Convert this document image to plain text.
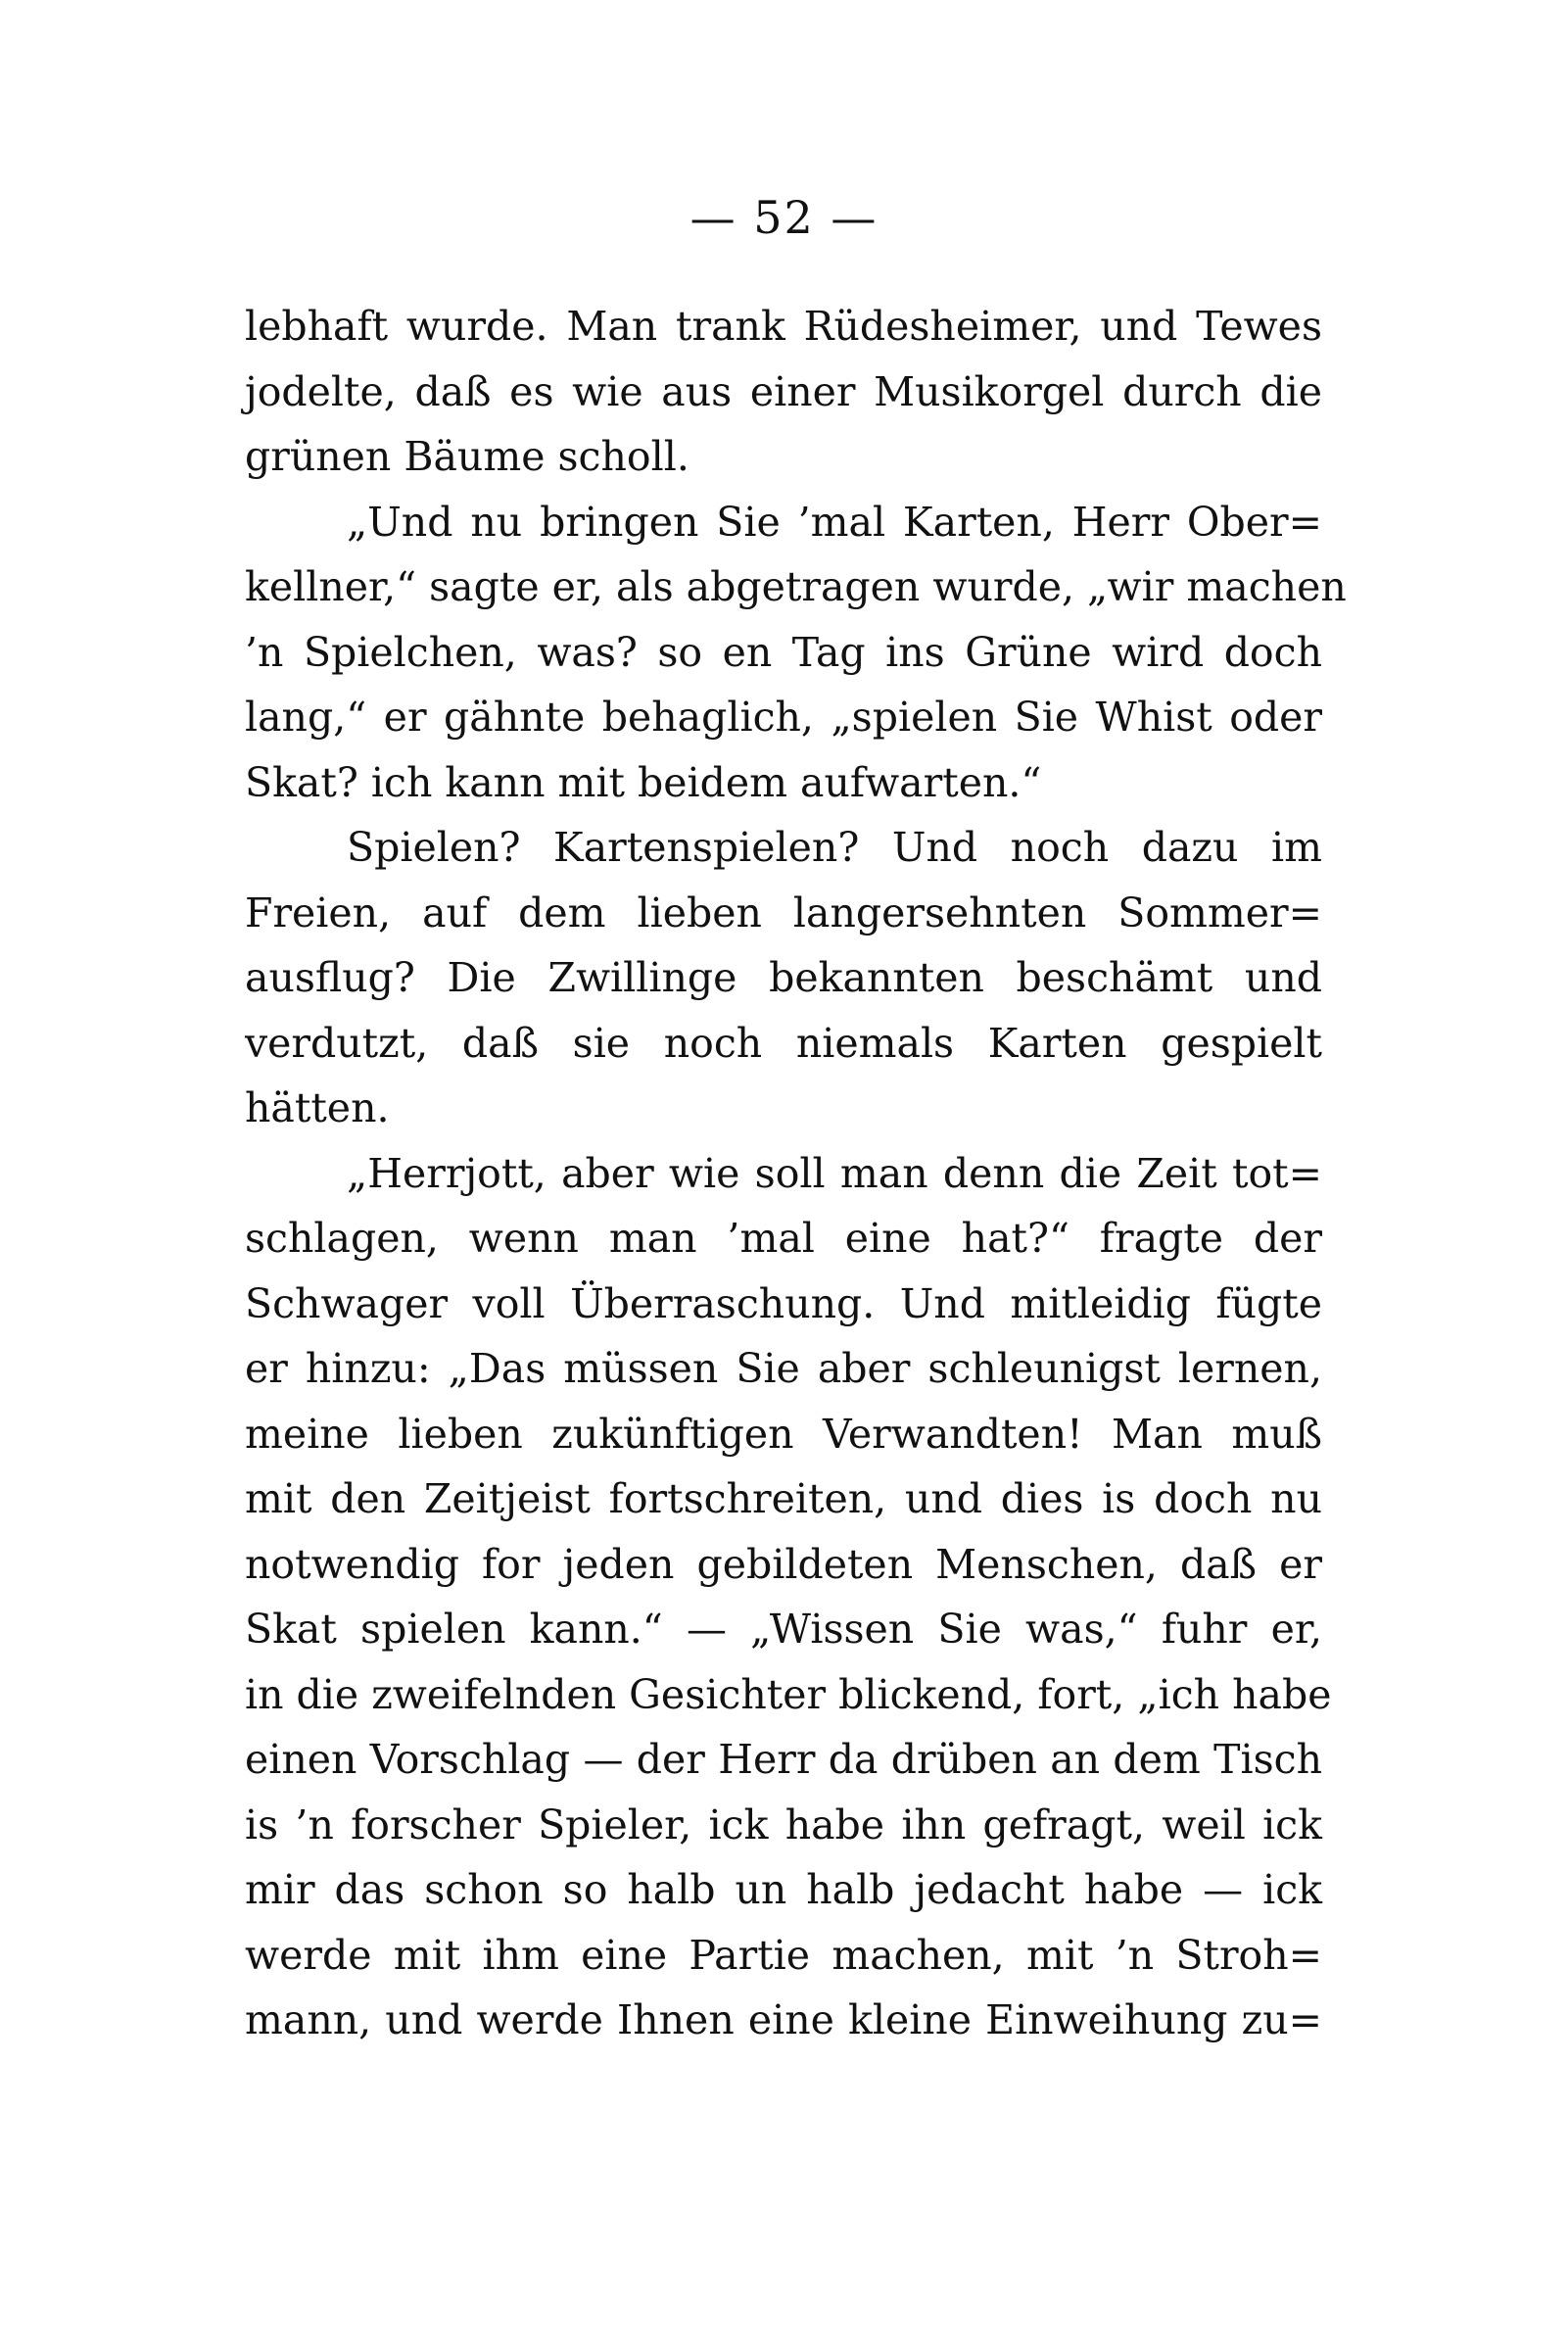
— 52 —
lebhaft wurde. Man trank Rüdesheimer, und Tewes
jodelte, daß es wie aus einer Musikorgel durch die
grünen Bäume scholl.
„Und nu bringen Sie ’mal Karten, Herr Ober=
kellner,“ sagte er, als abgetragen wurde, „wir machen
’n Spielchen, was? so en Tag ins Grüne wird doch
lang,“ er gähnte behaglich, „spielen Sie Whist oder
Skat? ich kann mit beidem aufwarten.“
Spielen? Kartenspielen? Und noch dazu im
Freien, auf dem lieben langersehnten Sommer=
ausflug? Die Zwillinge bekannten beschämt und
verdutzt, daß sie noch niemals Karten gespielt
hätten.
„Herrjott, aber wie soll man denn die Zeit tot=
schlagen, wenn man ’mal eine hat?“ fragte der
Schwager voll Überraschung. Und mitleidig fügte
er hinzu: „Das müssen Sie aber schleunigst lernen,
meine lieben zukünftigen Verwandten! Man muß
mit den Zeitjeist fortschreiten, und dies is doch nu
notwendig for jeden gebildeten Menschen, daß er
Skat spielen kann.“ — „Wissen Sie was,“ fuhr er,
in die zweifelnden Gesichter blickend, fort, „ich habe
einen Vorschlag — der Herr da drüben an dem Tisch
is ’n forscher Spieler, ick habe ihn gefragt, weil ick
mir das schon so halb un halb jedacht habe — ick
werde mit ihm eine Partie machen, mit ’n Stroh=
mann, und werde Ihnen eine kleine Einweihung zu=
